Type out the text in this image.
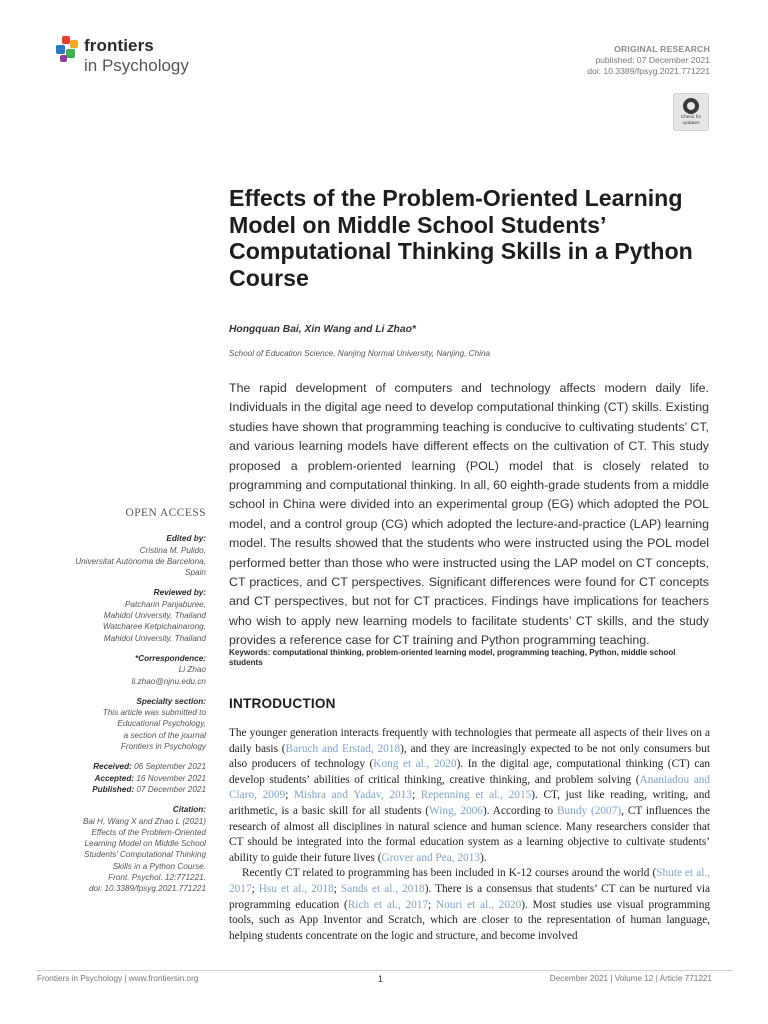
frontiers
in Psychology
ORIGINAL RESEARCH
published: 07 December 2021
doi: 10.3389/fpsyg.2021.771221
Check for
updates
Effects of the Problem-Oriented Learning Model on Middle School Students’ Computational Thinking Skills in a Python Course
Hongquan Bai, Xin Wang and Li Zhao*
School of Education Science, Nanjing Normal University, Nanjing, China

The rapid development of computers and technology affects modern daily life. Individuals in the digital age need to develop computational thinking (CT) skills. Existing studies have shown that programming teaching is conducive to cultivating students’ CT, and various learning models have different effects on the cultivation of CT. This study proposed a problem-oriented learning (POL) model that is closely related to programming and computational thinking. In all, 60 eighth-grade students from a middle school in China were divided into an experimental group (EG) which adopted the POL model, and a control group (CG) which adopted the lecture-and-practice (LAP) learning model. The results showed that the students who were instructed using the POL model performed better than those who were instructed using the LAP model on CT concepts, CT practices, and CT perspectives. Significant differences were found for CT concepts and CT perspectives, but not for CT practices. Findings have implications for teachers who wish to apply new learning models to facilitate students’ CT skills, and the study provides a reference case for CT training and Python programming teaching.

Keywords: computational thinking, problem-oriented learning model, programming teaching, Python, middle school students

INTRODUCTION

The younger generation interacts frequently with technologies that permeate all aspects of their lives on a daily basis (Baruch and Erstad, 2018), and they are increasingly expected to be not only consumers but also producers of technology (Kong et al., 2020). In the digital age, computational thinking (CT) can develop students’ abilities of critical thinking, creative thinking, and problem solving (Ananiadou and Claro, 2009; Mishra and Yadav, 2013; Repenning et al., 2015). CT, just like reading, writing, and arithmetic, is a basic skill for all students (Wing, 2006). According to Bundy (2007), CT influences the research of almost all disciplines in natural science and human science. Many researchers consider that CT should be integrated into the formal education system as a learning objective to cultivate students’ ability to guide their future lives (Grover and Pea, 2013).

Recently CT related to programming has been included in K-12 courses around the world (Shute et al., 2017; Hsu et al., 2018; Sands et al., 2018). There is a consensus that students’ CT can be nurtured via programming education (Rich et al., 2017; Nouri et al., 2020). Most studies use visual programming tools, such as App Inventor and Scratch, which are closer to the representation of human language, helping students concentrate on the logic and structure, and become involved

OPEN ACCESS
Edited by:
Cristina M. Pulido,
Universitat Autònoma de Barcelona,
Spain
Reviewed by:
Patcharin Panjaburee,
Mahidol University, Thailand
Watcharee Ketpichainarong,
Mahidol University, Thailand
*Correspondence:
Li Zhao
li.zhao@njnu.edu.cn
Specialty section:
This article was submitted to
Educational Psychology,
a section of the journal
Frontiers in Psychology
Received: 06 September 2021
Accepted: 16 November 2021
Published: 07 December 2021
Citation:
Bai H, Wang X and Zhao L (2021)
Effects of the Problem-Oriented
Learning Model on Middle School
Students’ Computational Thinking
Skills in a Python Course.
Front. Psychol. 12:771221.
doi: 10.3389/fpsyg.2021.771221
Frontiers in Psychology | www.frontiersin.org	1	December 2021 | Volume 12 | Article 771221
